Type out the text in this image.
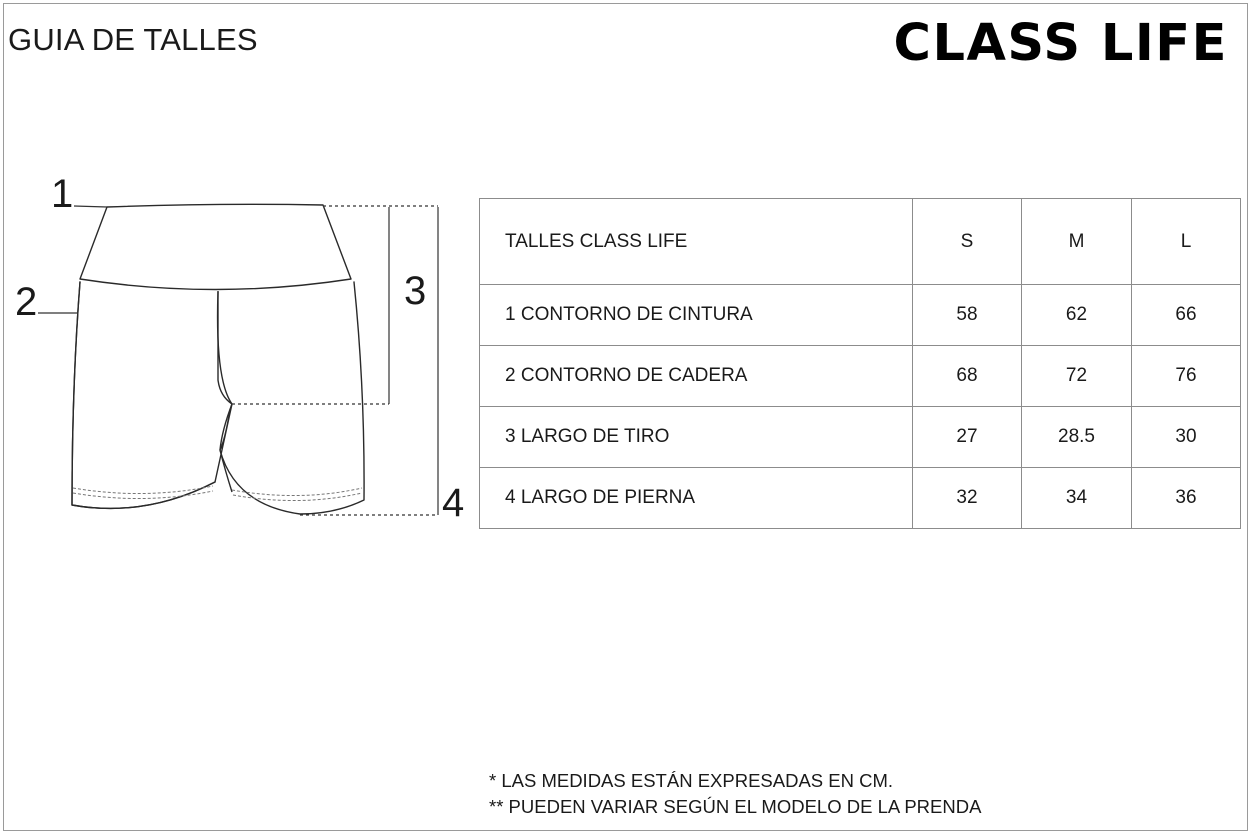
GUIA DE TALLES	CLASS LIFE
1
2	3
4
TALLES CLASS LIFE	S	M	L
1 CONTORNO DE CINTURA	58	62	66
2 CONTORNO DE CADERA	68	72	76
3 LARGO DE TIRO	27	28.5	30
4 LARGO DE PIERNA	32	34	36
* LAS MEDIDAS ESTÁN EXPRESADAS EN CM.
** PUEDEN VARIAR SEGÚN EL MODELO DE LA PRENDA
